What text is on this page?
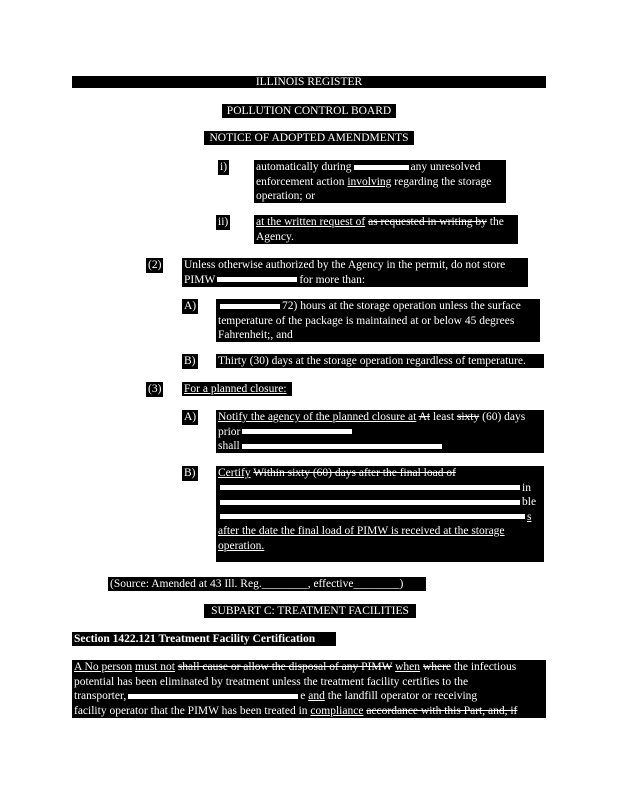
ILLINOIS REGISTER
POLLUTION CONTROL BOARD
NOTICE OF ADOPTED AMENDMENTS
i)	automatically during	any unresolved enforcement action involving regarding the storage operation; or
ii) at the written request of as requested in writing by the Agency.
(2) Unless otherwise authorized by the Agency in the permit, do not store PIMW	for more than:
A)	72) hours at the storage operation unless the surface temperature of the package is maintained at or below 45 degrees Fahrenheit;, and
B) Thirty (30) days at the storage operation regardless of temperature.
(3) For a planned closure:
A) Notify the agency of the planned closure at At least sixty (60) days prior
shall
B) Certify Within sixty (60) days after the final load of
in
ble
s
after the date the final load of PIMW is received at the storage operation.
(Source: Amended at 43 Ill. Reg.________, effective________)
SUBPART C: TREATMENT FACILITIES
Section 1422.121 Treatment Facility Certification
A No person must not shall cause or allow the disposal of any PIMW when where the infectious
potential has been eliminated by treatment unless the treatment facility certifies to the
transporter,	e and the landfill operator or receiving
facility operator that the PIMW has been treated in compliance accordance with this Part, and, if
